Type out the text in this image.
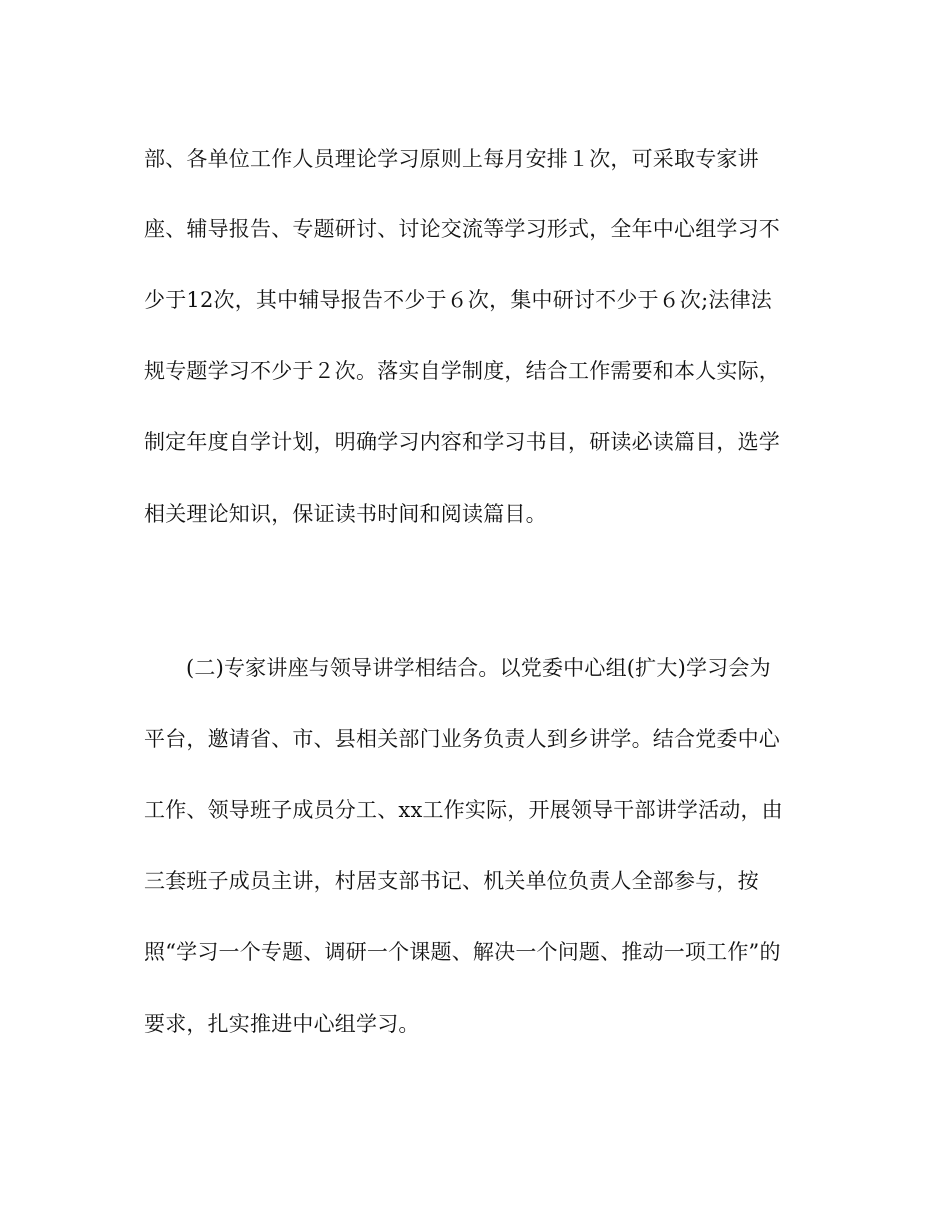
部、各单位工作人员理论学习原则上每月安排１次，可采取专家讲
座、辅导报告、专题研讨、讨论交流等学习形式，全年中心组学习不
少于12次，其中辅导报告不少于６次，集中研讨不少于６次;法律法
规专题学习不少于２次。落实自学制度，结合工作需要和本人实际，
制定年度自学计划，明确学习内容和学习书目，研读必读篇目，选学
相关理论知识，保证读书时间和阅读篇目。
(二)专家讲座与领导讲学相结合。以党委中心组(扩大)学习会为
平台，邀请省、市、县相关部门业务负责人到乡讲学。结合党委中心
工作、领导班子成员分工、xx工作实际，开展领导干部讲学活动，由
三套班子成员主讲，村居支部书记、机关单位负责人全部参与，按
照“学习一个专题、调研一个课题、解决一个问题、推动一项工作”的
要求，扎实推进中心组学习。
